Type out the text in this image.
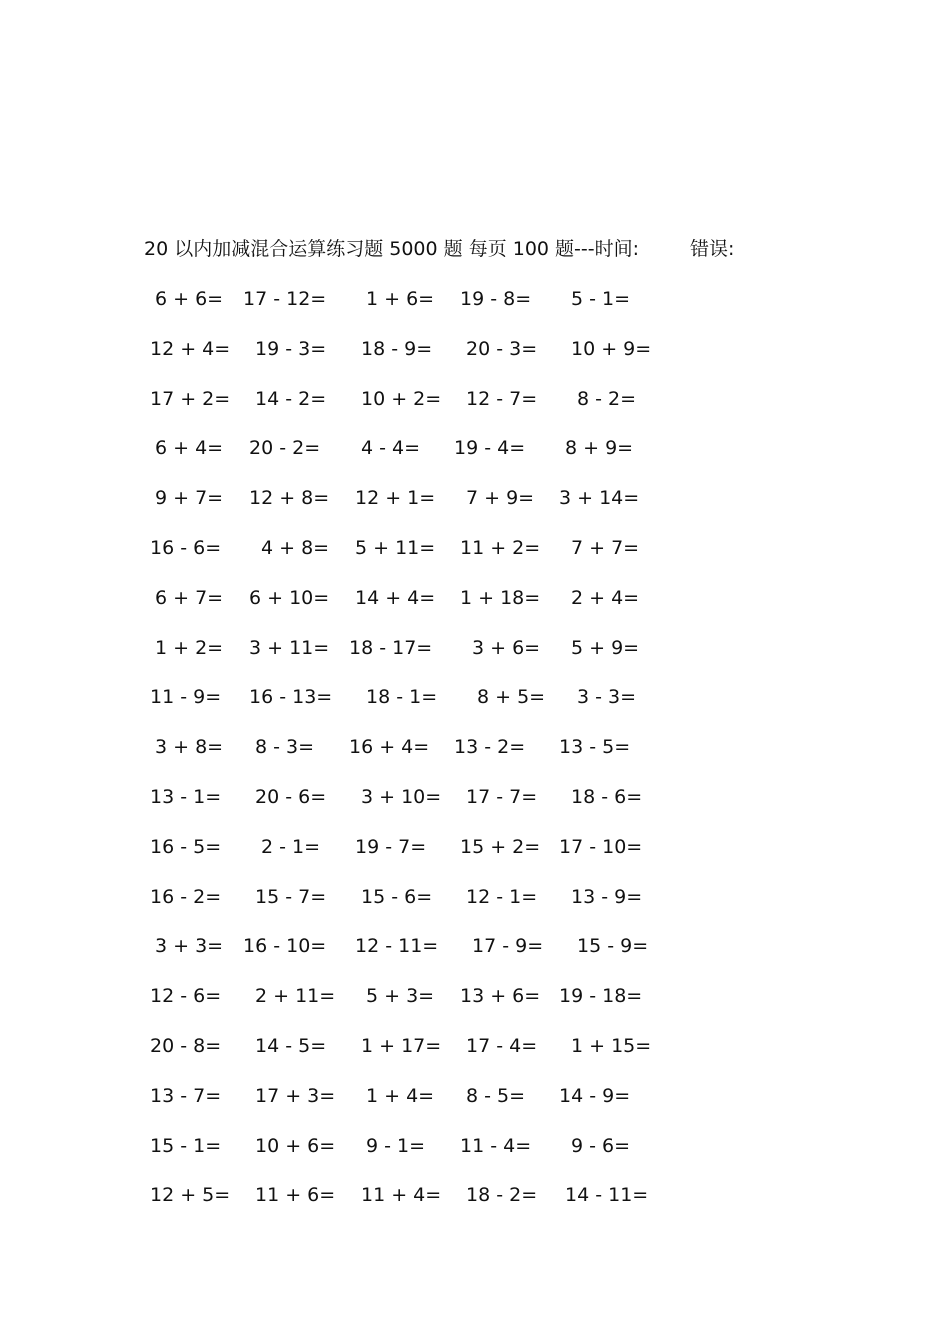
20 以内加减混合运算练习题 5000 题 每页 100 题---时间:	错误:
6 + 6= 17 - 12= 1 + 6= 19 - 8= 5 - 1=
12 + 4= 19 - 3= 18 - 9= 20 - 3= 10 + 9=
17 + 2= 14 - 2= 10 + 2= 12 - 7= 8 - 2=
6 + 4= 20 - 2= 4 - 4= 19 - 4= 8 + 9=
9 + 7= 12 + 8= 12 + 1= 7 + 9= 3 + 14=
16 - 6= 4 + 8= 5 + 11= 11 + 2= 7 + 7=
6 + 7= 6 + 10= 14 + 4= 1 + 18= 2 + 4=
1 + 2= 3 + 11= 18 - 17= 3 + 6= 5 + 9=
11 - 9= 16 - 13= 18 - 1= 8 + 5= 3 - 3=
3 + 8= 8 - 3= 16 + 4= 13 - 2= 13 - 5=
13 - 1= 20 - 6= 3 + 10= 17 - 7= 18 - 6=
16 - 5= 2 - 1= 19 - 7= 15 + 2= 17 - 10=
16 - 2= 15 - 7= 15 - 6= 12 - 1= 13 - 9=
3 + 3= 16 - 10= 12 - 11= 17 - 9= 15 - 9=
12 - 6= 2 + 11= 5 + 3= 13 + 6= 19 - 18=
20 - 8= 14 - 5= 1 + 17= 17 - 4= 1 + 15=
13 - 7= 17 + 3= 1 + 4= 8 - 5= 14 - 9=
15 - 1= 10 + 6= 9 - 1= 11 - 4= 9 - 6=
12 + 5= 11 + 6= 11 + 4= 18 - 2= 14 - 11=
